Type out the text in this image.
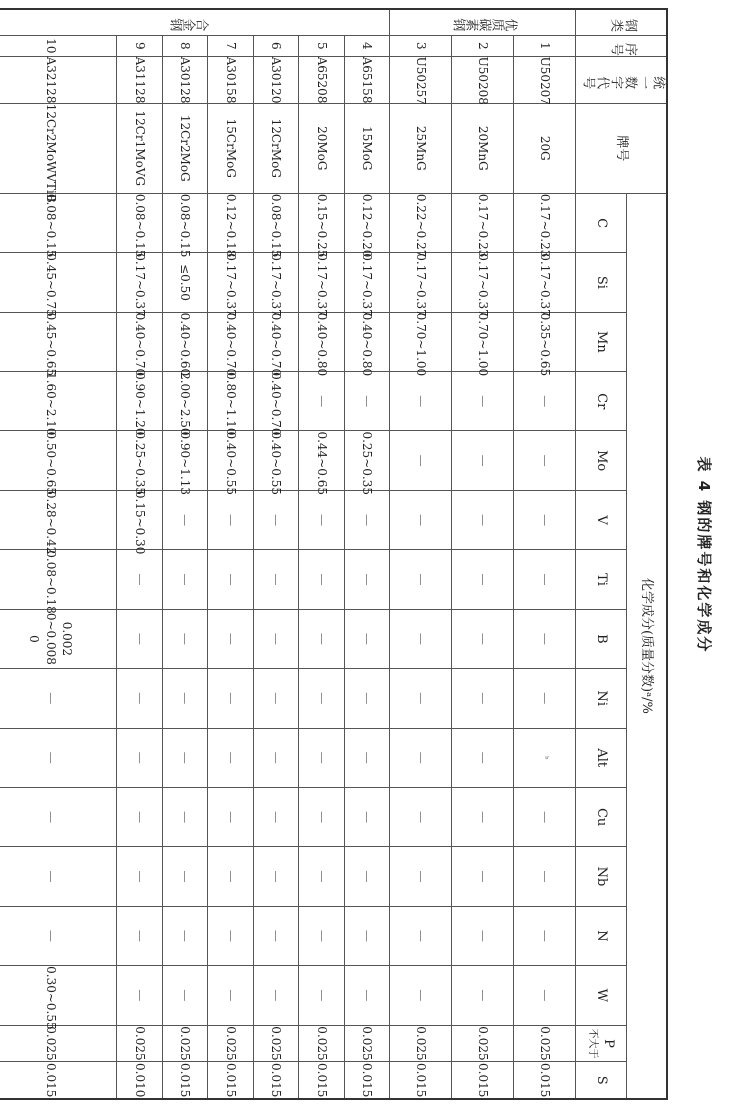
表 4 钢的牌号和化学成分
钢类	序号	统一数字代号	牌号	化学成分(质量分数)ᵃ/%															
				C	Si	Mn	Cr	Mo	V	Ti	B	Ni	Alt	Cu	Nb	N	W	P
不大于	S
优质碳素钢	1	U50207	20G	0.17~0.23	0.17~0.37	0.35~0.65	—	—	—	—	—	—	ᵇ	—	—	—	—	0.025	0.015
	2	U50208	20MnG	0.17~0.23	0.17~0.37	0.70~1.00	—	—	—	—	—	—	—	—	—	—	—	0.025	0.015
	3	U50257	25MnG	0.22~0.27	0.17~0.37	0.70~1.00	—	—	—	—	—	—	—	—	—	—	—	0.025	0.015
合金钢	4	A65158	15MoG	0.12~0.20	0.17~0.37	0.40~0.80	—	0.25~0.35	—	—	—	—	—	—	—	—	—	0.025	0.015
	5	A65208	20MoG	0.15~0.25	0.17~0.37	0.40~0.80	—	0.44~0.65	—	—	—	—	—	—	—	—	—	0.025	0.015
	6	A30120	12CrMoG	0.08~0.15	0.17~0.37	0.40~0.70	0.40~0.70	0.40~0.55	—	—	—	—	—	—	—	—	—	0.025	0.015
	7	A30158	15CrMoG	0.12~0.18	0.17~0.37	0.40~0.70	0.80~1.10	0.40~0.55	—	—	—	—	—	—	—	—	—	0.025	0.015
	8	A30128	12Cr2MoG	0.08~0.15	≤0.50	0.40~0.60	2.00~2.50	0.90~1.13	—	—	—	—	—	—	—	—	—	0.025	0.015
	9	A31128	12Cr1MoVG	0.08~0.15	0.17~0.37	0.40~0.70	0.90~1.20	0.25~0.35	0.15~0.30	—	—	—	—	—	—	—	—	0.025	0.010
	10	A32128	12Cr2MoWVTiB	0.08~0.15	0.45~0.75	0.45~0.65	1.60~2.10	0.50~0.65	0.28~0.42	0.08~0.18	0.002 0~0.008 0	—	—	—	—	—	0.30~0.55	0.025	0.015
